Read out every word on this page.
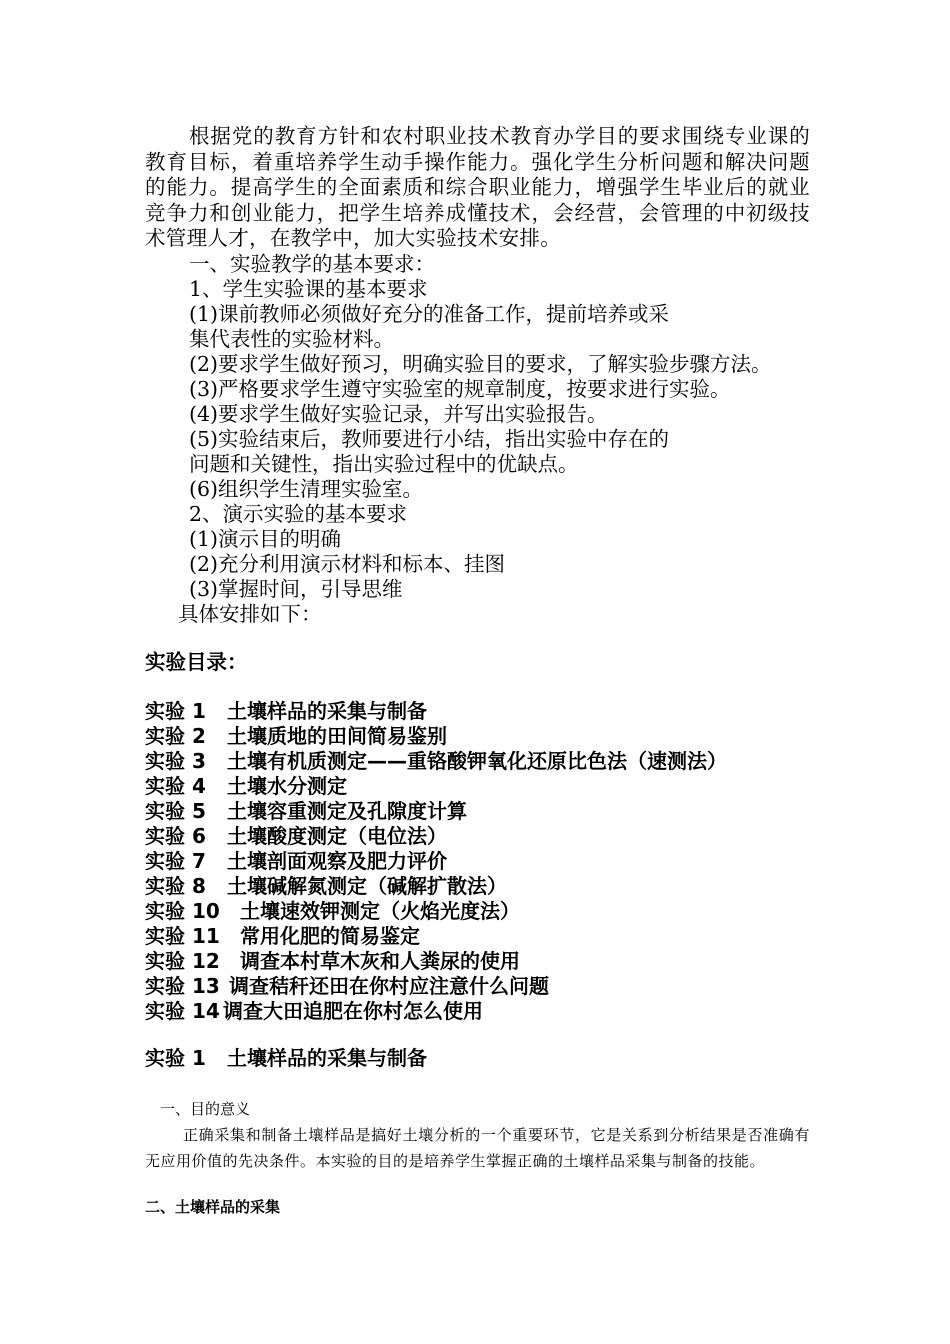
根据党的教育方针和农村职业技术教育办学目的要求围绕专业课的教育目标，着重培养学生动手操作能力。强化学生分析问题和解决问题的能力。提高学生的全面素质和综合职业能力，增强学生毕业后的就业竞争力和创业能力，把学生培养成懂技术，会经营，会管理的中初级技术管理人才，在教学中，加大实验技术安排。

一、实验教学的基本要求：
1、学生实验课的基本要求
(1)课前教师必须做好充分的准备工作，提前培养或采
集代表性的实验材料。
(2)要求学生做好预习，明确实验目的要求，了解实验步骤方法。
(3)严格要求学生遵守实验室的规章制度，按要求进行实验。
(4)要求学生做好实验记录，并写出实验报告。
(5)实验结束后，教师要进行小结，指出实验中存在的
问题和关键性，指出实验过程中的优缺点。
(6)组织学生清理实验室。
2、演示实验的基本要求
(1)演示目的明确
(2)充分利用演示材料和标本、挂图
(3)掌握时间，引导思维
具体安排如下：
实验目录：
实验 1 土壤样品的采集与制备
实验 2 土壤质地的田间简易鉴别
实验 3 土壤有机质测定——重铬酸钾氧化还原比色法（速测法）
实验 4 土壤水分测定
实验 5 土壤容重测定及孔隙度计算
实验 6 土壤酸度测定（电位法）
实验 7 土壤剖面观察及肥力评价
实验 8 土壤碱解氮测定（碱解扩散法）
实验 10 土壤速效钾测定（火焰光度法）
实验 11 常用化肥的简易鉴定
实验 12 调查本村草木灰和人粪尿的使用
实验 13 调查秸秆还田在你村应注意什么问题
实验 14 调查大田追肥在你村怎么使用
实验 1 土壤样品的采集与制备
一、目的意义

正确采集和制备土壤样品是搞好土壤分析的一个重要环节，它是关系到分析结果是否准确有无应用价值的先决条件。本实验的目的是培养学生掌握正确的土壤样品采集与制备的技能。

二、土壤样品的采集
